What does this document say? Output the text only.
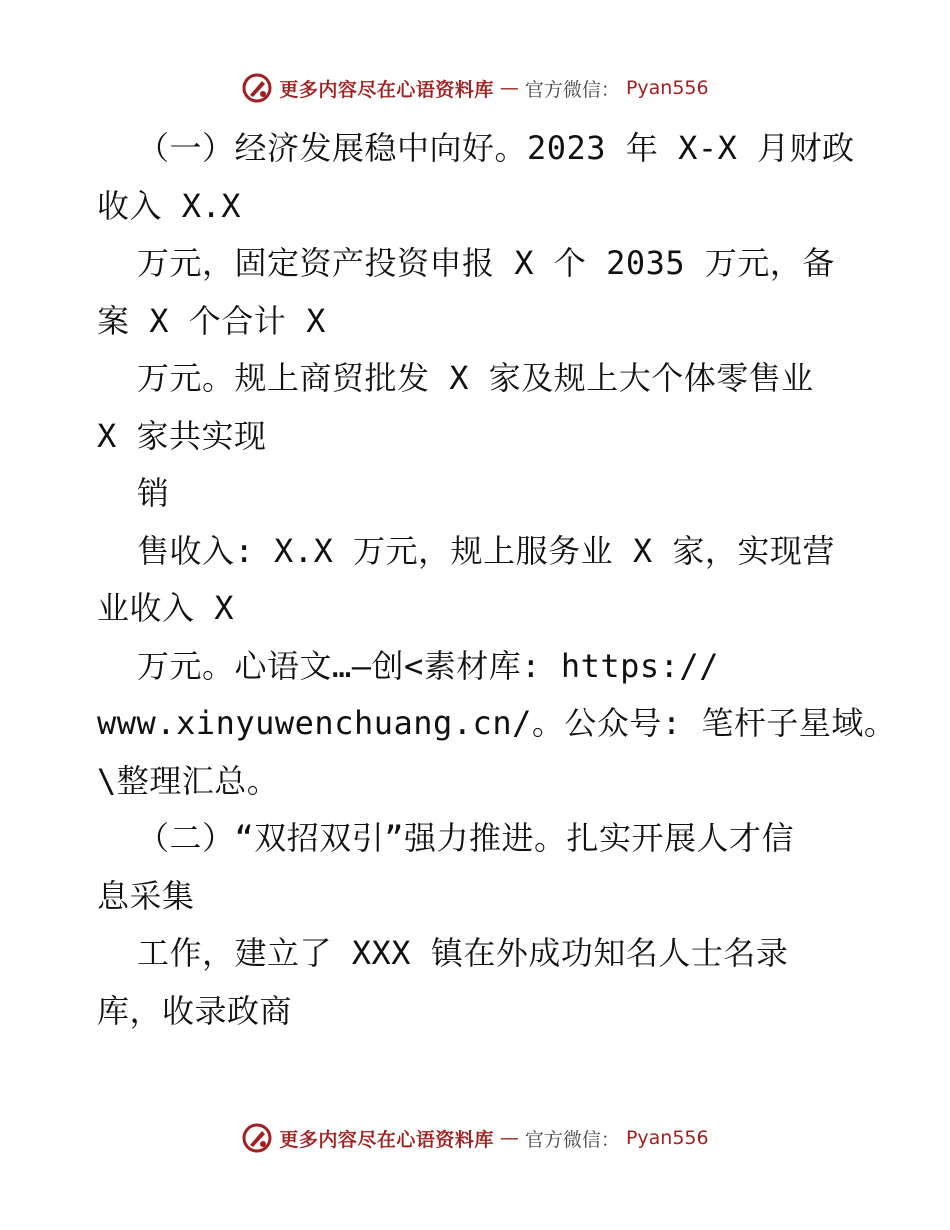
更多内容尽在心语资料库 — 官方微信： Pyan556
（一）经济发展稳中向好。2023 年 X-X 月财政
收入 X.X
万元，固定资产投资申报 X 个 2035 万元，备
案 X 个合计 X
万元。规上商贸批发 X 家及规上大个体零售业
X 家共实现
销
售收入: X.X 万元，规上服务业 X 家，实现营
业收入 X
万元。心语文…—创<素材库: https://
www.xinyuwenchuang.cn/。公众号: 笔杆子星域。
\整理汇总。
（二）“双招双引”强力推进。扎实开展人才信
息采集
工作，建立了 XXX 镇在外成功知名人士名录
库，收录政商
更多内容尽在心语资料库 — 官方微信： Pyan556
